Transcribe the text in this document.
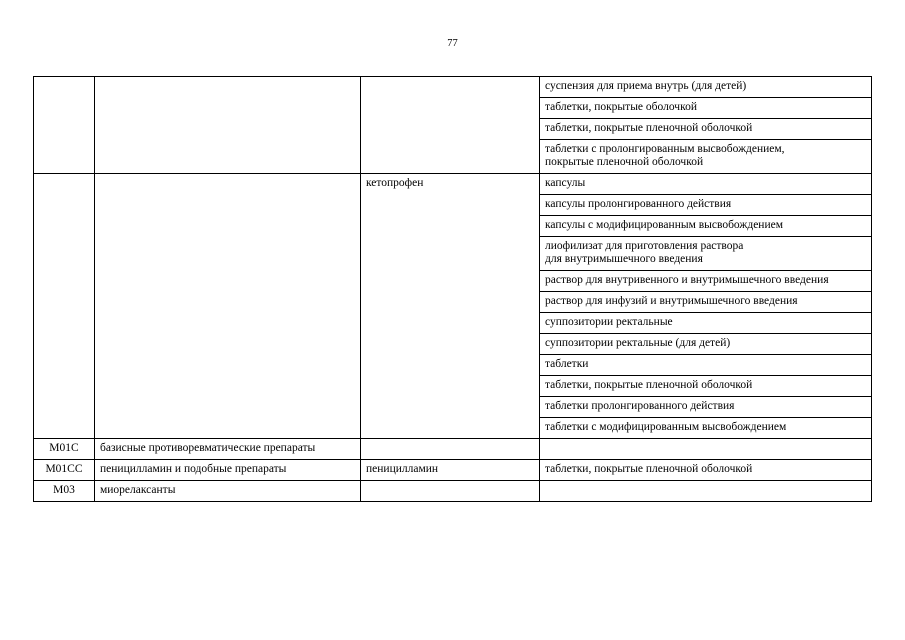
77
			суспензия для приема внутрь (для детей)
			таблетки, покрытые оболочкой
			таблетки, покрытые пленочной оболочкой
			таблетки с пролонгированным высвобождением,
покрытые пленочной оболочкой
		кетопрофен	капсулы
			капсулы пролонгированного действия
			капсулы с модифицированным высвобождением
			лиофилизат для приготовления раствора
для внутримышечного введения
			раствор для внутривенного и внутримышечного введения
			раствор для инфузий и внутримышечного введения
			суппозитории ректальные
			суппозитории ректальные (для детей)
			таблетки
			таблетки, покрытые пленочной оболочкой
			таблетки пролонгированного действия
			таблетки с модифицированным высвобождением
M01C	базисные противоревматические препараты		
M01CC	пеницилламин и подобные препараты	пеницилламин	таблетки, покрытые пленочной оболочкой
M03	миорелаксанты		
